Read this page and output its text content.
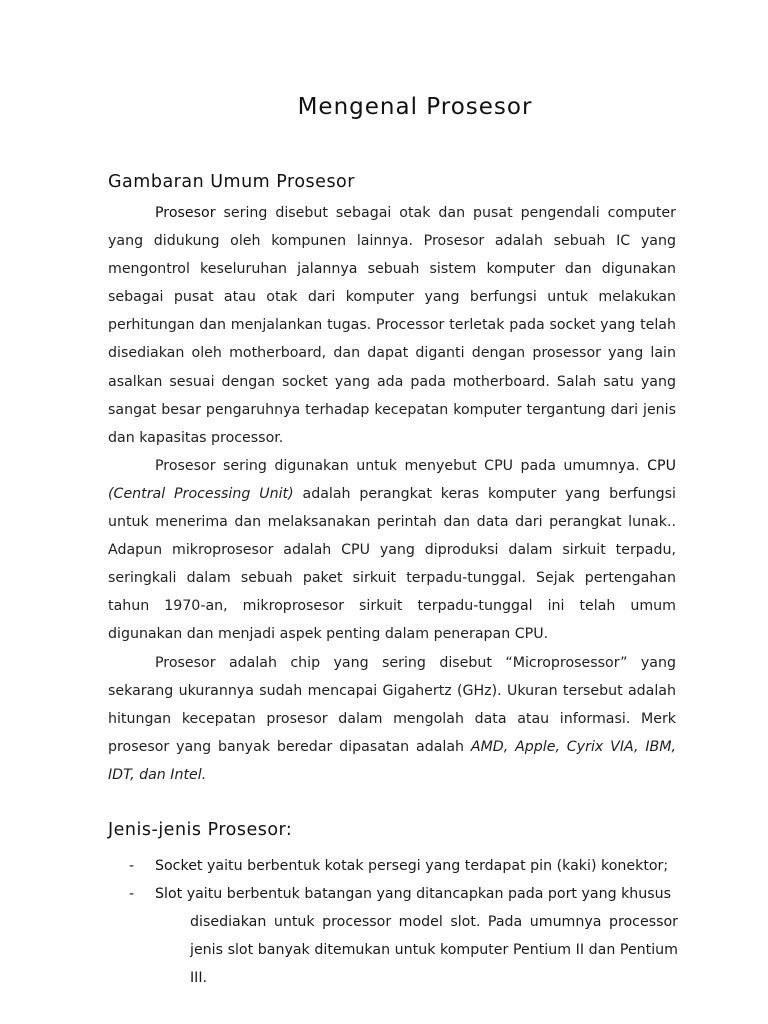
Mengenal Prosesor
Gambaran Umum Prosesor

Prosesor sering disebut sebagai otak dan pusat pengendali computer yang didukung oleh kompunen lainnya. Prosesor adalah sebuah IC yang mengontrol keseluruhan jalannya sebuah sistem komputer dan digunakan sebagai pusat atau otak dari komputer yang berfungsi untuk melakukan perhitungan dan menjalankan tugas. Processor terletak pada socket yang telah disediakan oleh motherboard, dan dapat diganti dengan prosessor yang lain asalkan sesuai dengan socket yang ada pada motherboard. Salah satu yang sangat besar pengaruhnya terhadap kecepatan komputer tergantung dari jenis dan kapasitas processor.

Prosesor sering digunakan untuk menyebut CPU pada umumnya. CPU (Central Processing Unit) adalah perangkat keras komputer yang berfungsi untuk menerima dan melaksanakan perintah dan data dari perangkat lunak.. Adapun mikroprosesor adalah CPU yang diproduksi dalam sirkuit terpadu, seringkali dalam sebuah paket sirkuit terpadu-tunggal. Sejak pertengahan tahun 1970-an, mikroprosesor sirkuit terpadu-tunggal ini telah umum digunakan dan menjadi aspek penting dalam penerapan CPU.

Prosesor adalah chip yang sering disebut “Microprosessor” yang sekarang ukurannya sudah mencapai Gigahertz (GHz). Ukuran tersebut adalah hitungan kecepatan prosesor dalam mengolah data atau informasi. Merk prosesor yang banyak beredar dipasatan adalah AMD, Apple, Cyrix VIA, IBM, IDT, dan Intel.

Jenis-jenis Prosesor:
- Socket yaitu berbentuk kotak persegi yang terdapat pin (kaki) konektor;
- Slot yaitu berbentuk batangan yang ditancapkan pada port yang khusus
disediakan untuk processor model slot. Pada umumnya processor jenis slot banyak ditemukan untuk komputer Pentium II dan Pentium III.
